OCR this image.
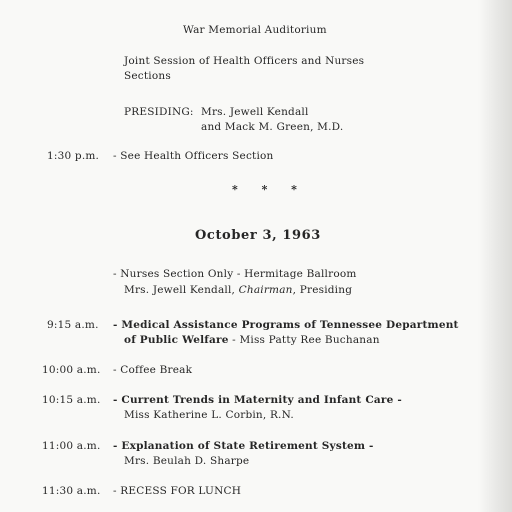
War Memorial Auditorium
Joint Session of Health Officers and Nurses
Sections
PRESIDING: Mrs. Jewell Kendall
and Mack M. Green, M.D.
1:30 p.m. - See Health Officers Section
* * *
October 3, 1963
- Nurses Section Only - Hermitage Ballroom
Mrs. Jewell Kendall, Chairman, Presiding
9:15 a.m. - Medical Assistance Programs of Tennessee Department
of Public Welfare - Miss Patty Ree Buchanan
10:00 a.m. - Coffee Break
10:15 a.m. - Current Trends in Maternity and Infant Care -
Miss Katherine L. Corbin, R.N.
11:00 a.m. - Explanation of State Retirement System -
Mrs. Beulah D. Sharpe
11:30 a.m. - RECESS FOR LUNCH
